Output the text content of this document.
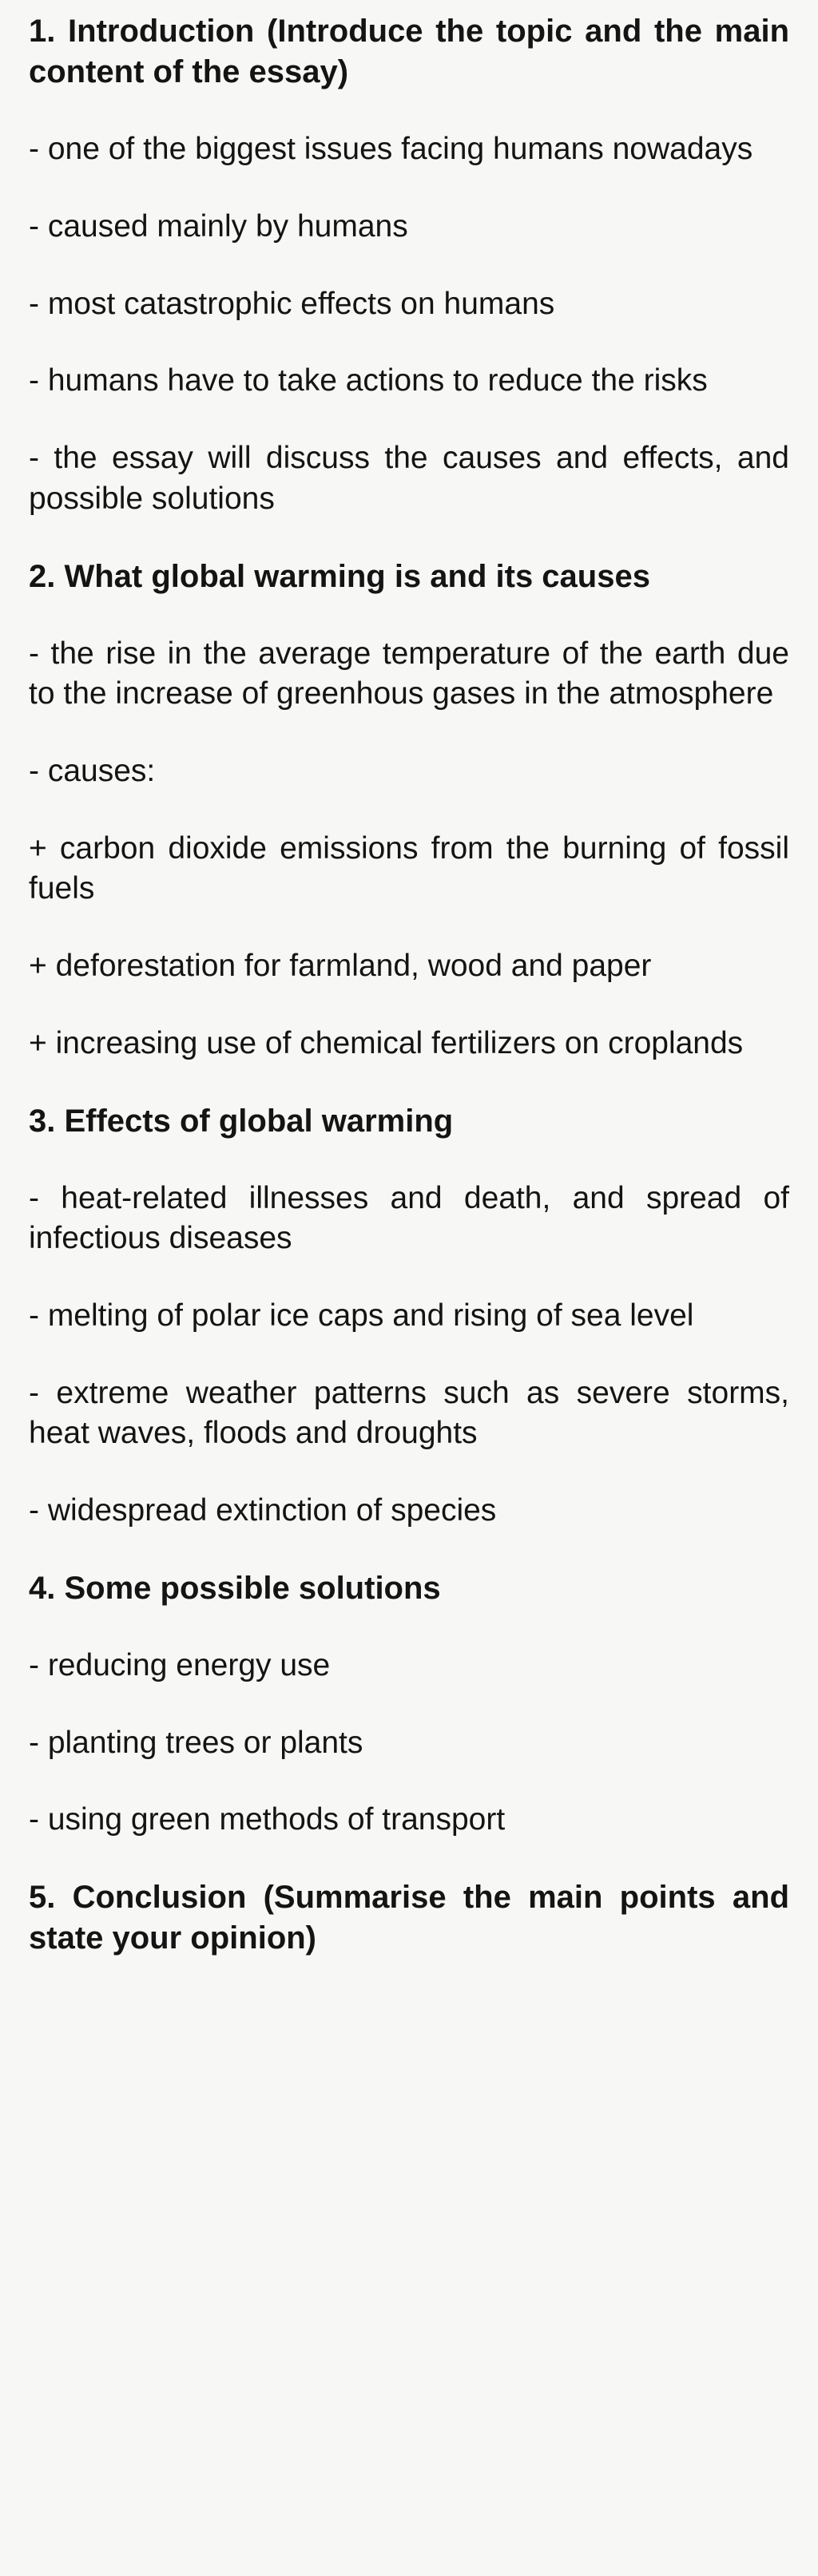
1. Introduction (Introduce the topic and the main content of the essay)
- one of the biggest issues facing humans nowadays
- caused mainly by humans
- most catastrophic effects on humans
- humans have to take actions to reduce the risks
- the essay will discuss the causes and effects, and possible solutions
2. What global warming is and its causes
- the rise in the average temperature of the earth due to the increase of greenhous gases in the atmosphere
- causes:
+ carbon dioxide emissions from the burning of fossil fuels
+ deforestation for farmland, wood and paper
+ increasing use of chemical fertilizers on croplands
3. Effects of global warming
- heat-related illnesses and death, and spread of infectious diseases
- melting of polar ice caps and rising of sea level
- extreme weather patterns such as severe storms, heat waves, floods and droughts
- widespread extinction of species
4. Some possible solutions
- reducing energy use
- planting trees or plants
- using green methods of transport
5. Conclusion (Summarise the main points and state your opinion)
